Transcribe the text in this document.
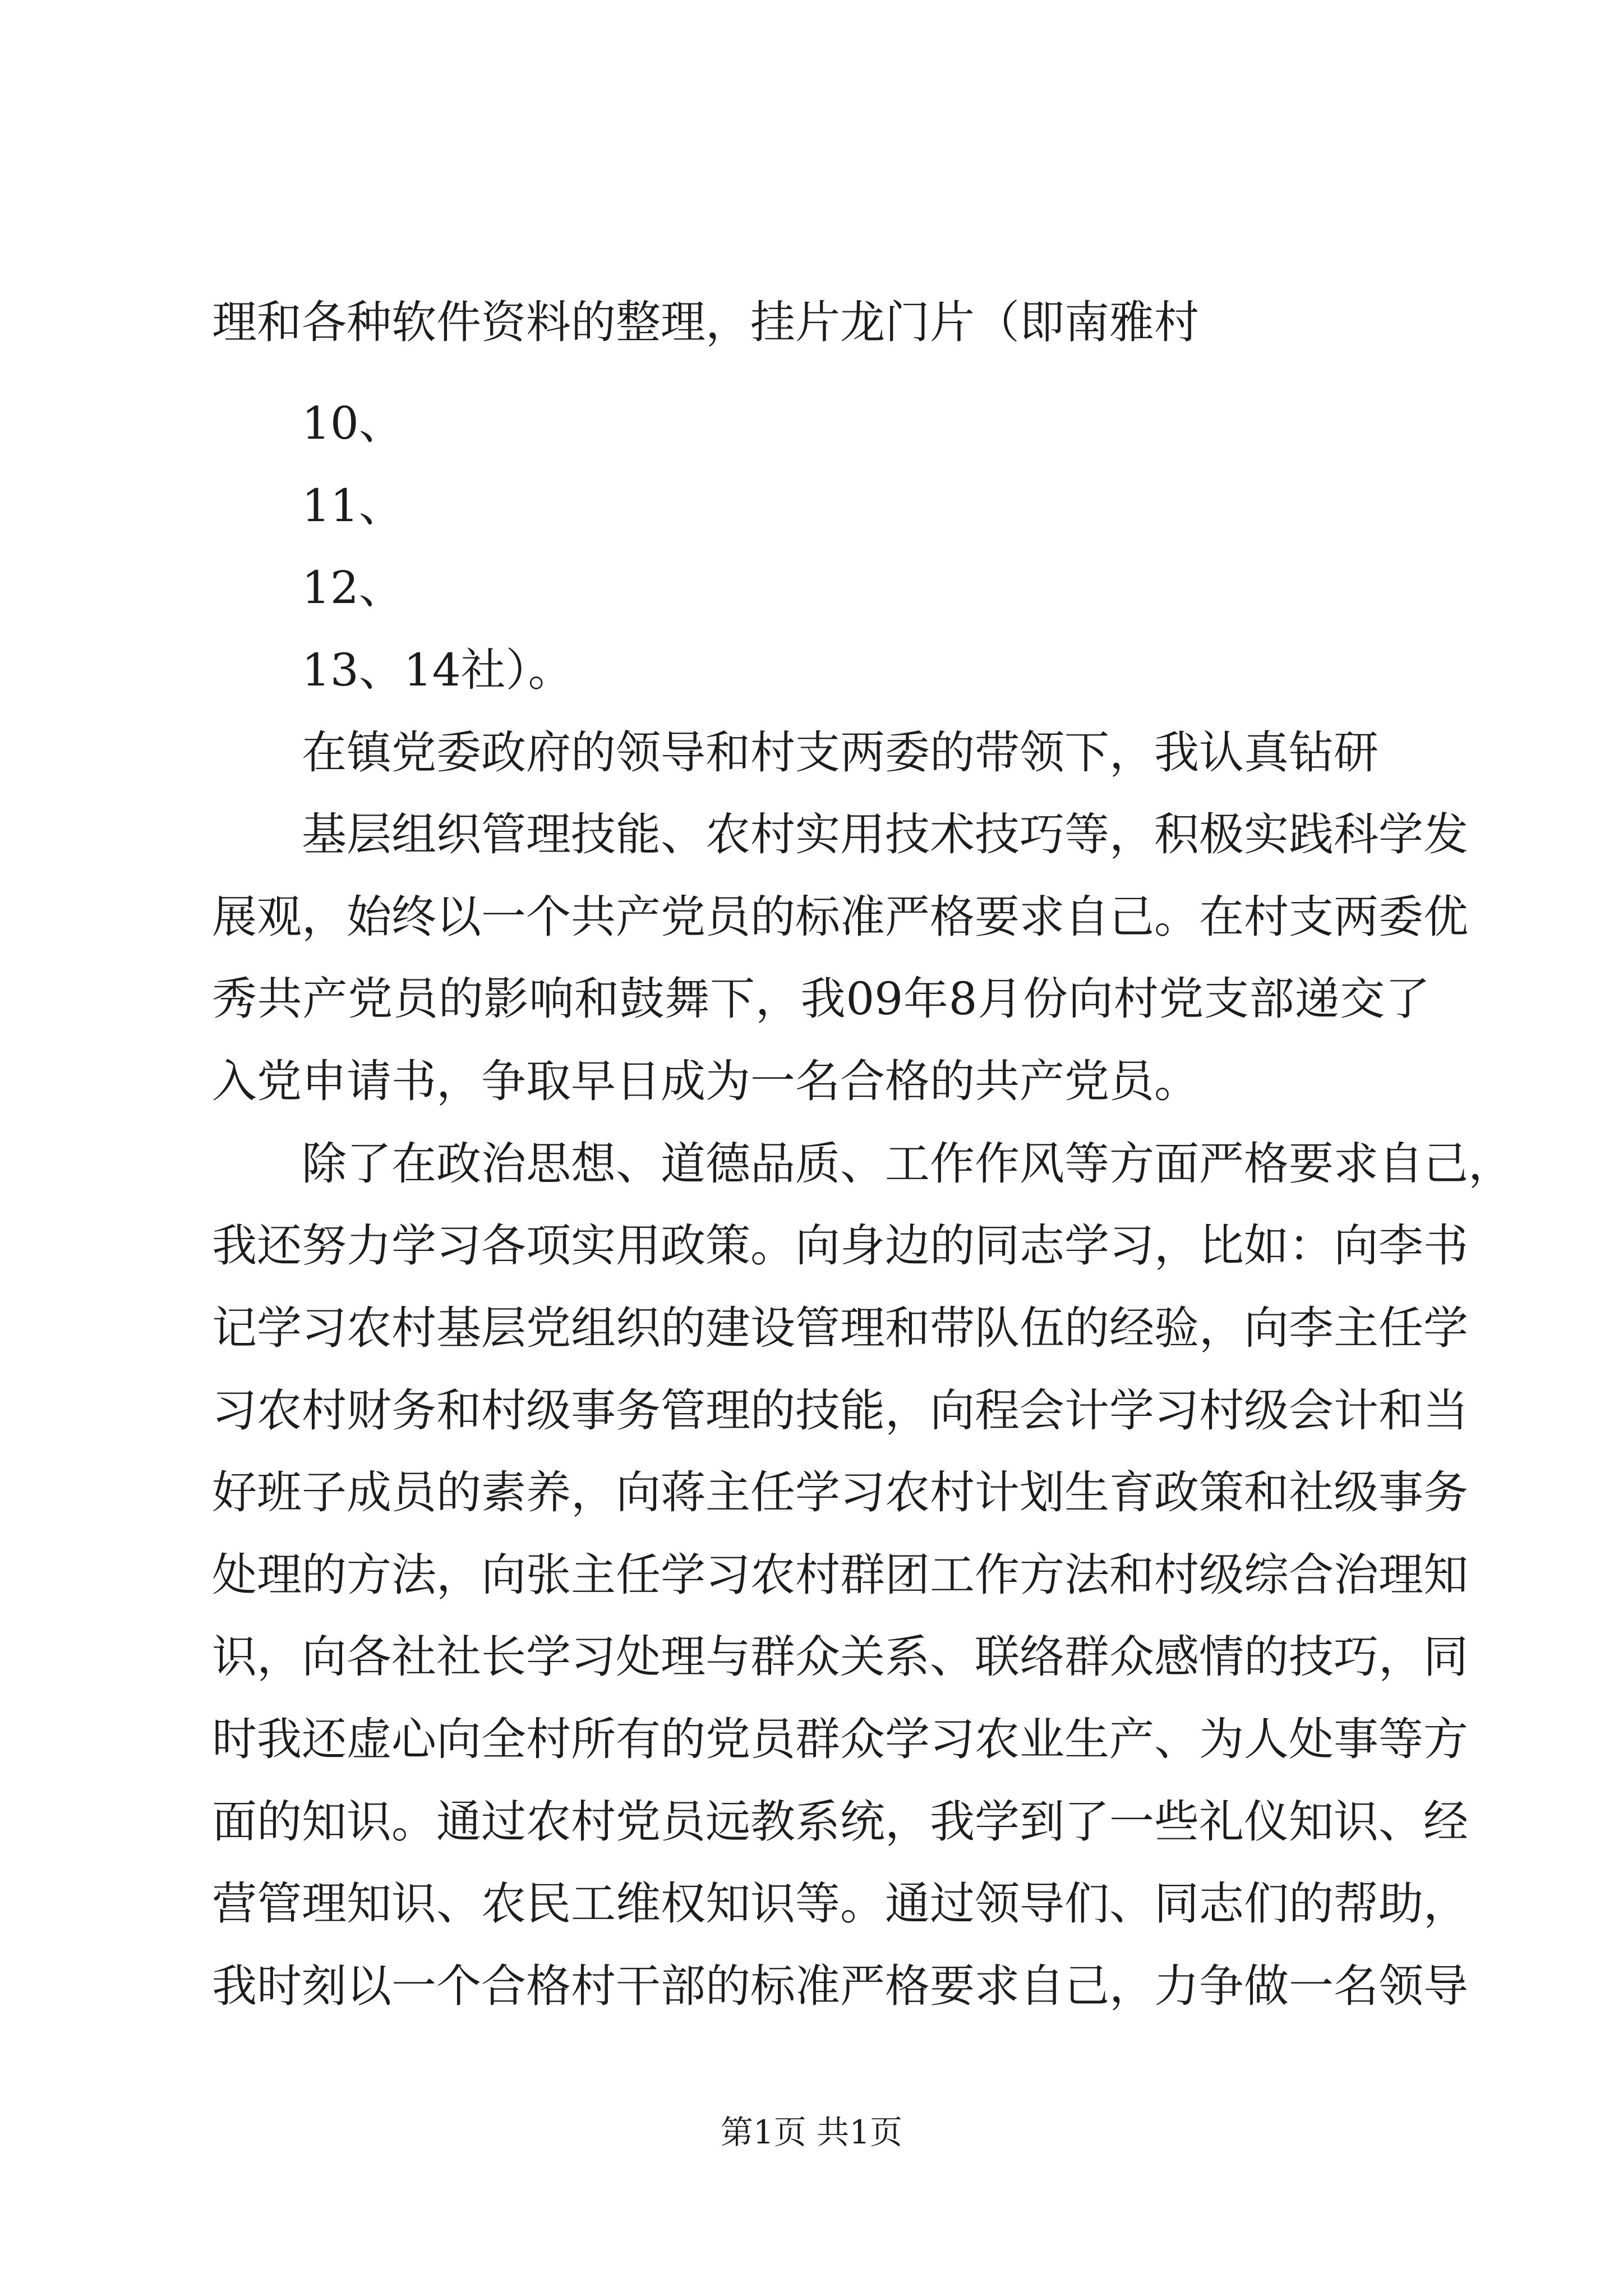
理和各种软件资料的整理，挂片龙门片（即南雅村
10、
11、
12、
13、14社）。
在镇党委政府的领导和村支两委的带领下，我认真钻研
基层组织管理技能、农村实用技术技巧等，积极实践科学发
展观，始终以一个共产党员的标准严格要求自己。在村支两委优
秀共产党员的影响和鼓舞下，我09年8月份向村党支部递交了
入党申请书，争取早日成为一名合格的共产党员。
除了在政治思想、道德品质、工作作风等方面严格要求自己，
我还努力学习各项实用政策。向身边的同志学习，比如：向李书
记学习农村基层党组织的建设管理和带队伍的经验，向李主任学
习农村财务和村级事务管理的技能，向程会计学习村级会计和当
好班子成员的素养，向蒋主任学习农村计划生育政策和社级事务
处理的方法，向张主任学习农村群团工作方法和村级综合治理知
识，向各社社长学习处理与群众关系、联络群众感情的技巧，同
时我还虚心向全村所有的党员群众学习农业生产、为人处事等方
面的知识。通过农村党员远教系统，我学到了一些礼仪知识、经
营管理知识、农民工维权知识等。通过领导们、同志们的帮助，
我时刻以一个合格村干部的标准严格要求自己，力争做一名领导
第1页 共1页
